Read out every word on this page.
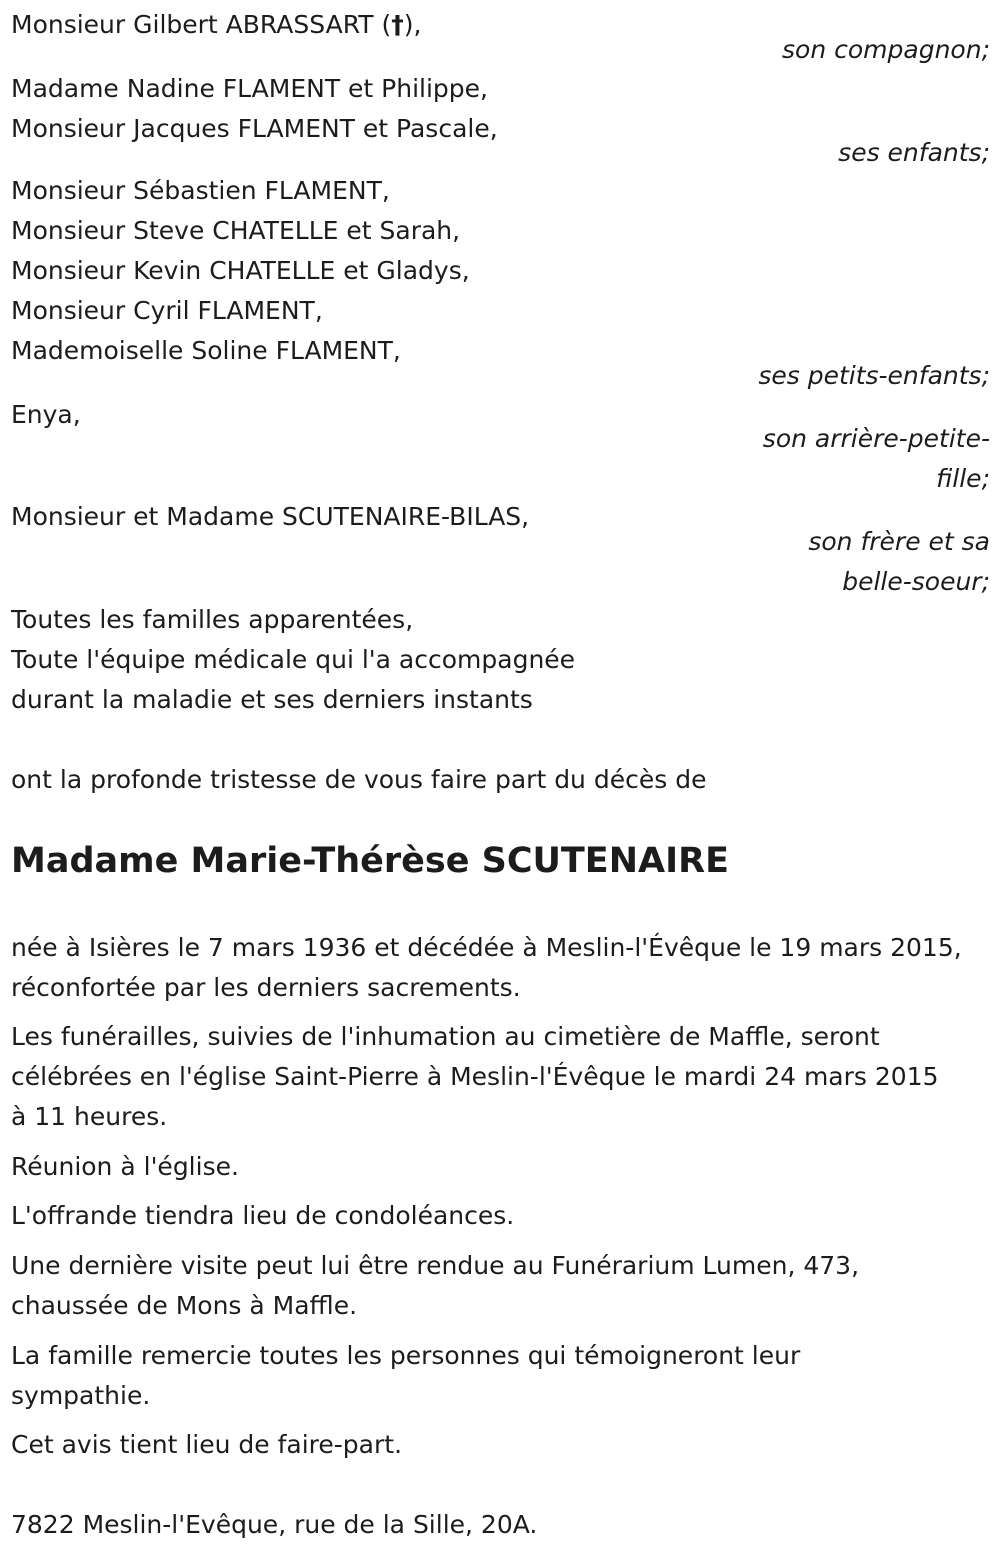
Monsieur Gilbert ABRASSART (†),
son compagnon;
Madame Nadine FLAMENT et Philippe,
Monsieur Jacques FLAMENT et Pascale,
ses enfants;
Monsieur Sébastien FLAMENT,
Monsieur Steve CHATELLE et Sarah,
Monsieur Kevin CHATELLE et Gladys,
Monsieur Cyril FLAMENT,
Mademoiselle Soline FLAMENT,
ses petits-enfants;
Enya,
son arrière-petite-
fille;
Monsieur et Madame SCUTENAIRE-BILAS,
son frère et sa
belle-soeur;
Toutes les familles apparentées,
Toute l'équipe médicale qui l'a accompagnée
durant la maladie et ses derniers instants
ont la profonde tristesse de vous faire part du décès de
Madame Marie-Thérèse SCUTENAIRE
née à Isières le 7 mars 1936 et décédée à Meslin-l'Évêque le 19 mars 2015,
réconfortée par les derniers sacrements.
Les funérailles, suivies de l'inhumation au cimetière de Maffle, seront
célébrées en l'église Saint-Pierre à Meslin-l'Évêque le mardi 24 mars 2015
à 11 heures.
Réunion à l'église.
L'offrande tiendra lieu de condoléances.
Une dernière visite peut lui être rendue au Funérarium Lumen, 473,
chaussée de Mons à Maffle.
La famille remercie toutes les personnes qui témoigneront leur
sympathie.
Cet avis tient lieu de faire-part.
7822 Meslin-l'Evêque, rue de la Sille, 20A.
